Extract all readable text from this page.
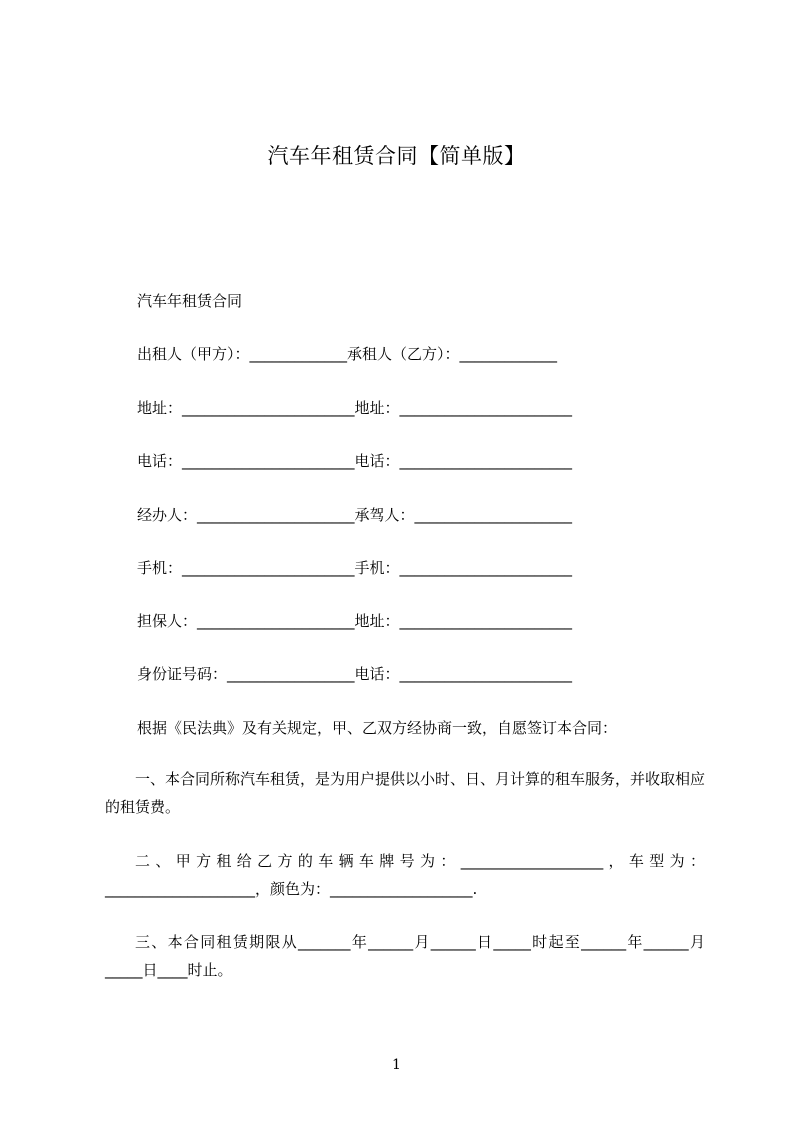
汽车年租赁合同【简单版】
汽车年租赁合同
出租人（甲方）：_____________承租人（乙方）：_____________
地址：_______________________地址：_______________________
电话：_______________________电话：_______________________
经办人：_____________________承驾人：_____________________
手机：_______________________手机：_______________________
担保人：_____________________地址：_______________________
身份证号码：_________________电话：_______________________
根据《民法典》及有关规定，甲、乙双方经协商一致，自愿签订本合同：
一、本合同所称汽车租赁，是为用户提供以小时、日、月计算的租车服务，并收取相应的租赁费。
二、甲方租给乙方的车辆车牌号为：___________________，车型为：____________________，颜色为：___________________.
三、本合同租赁期限从_______年______月______日_____时起至______年______月_____日____时止。
1
